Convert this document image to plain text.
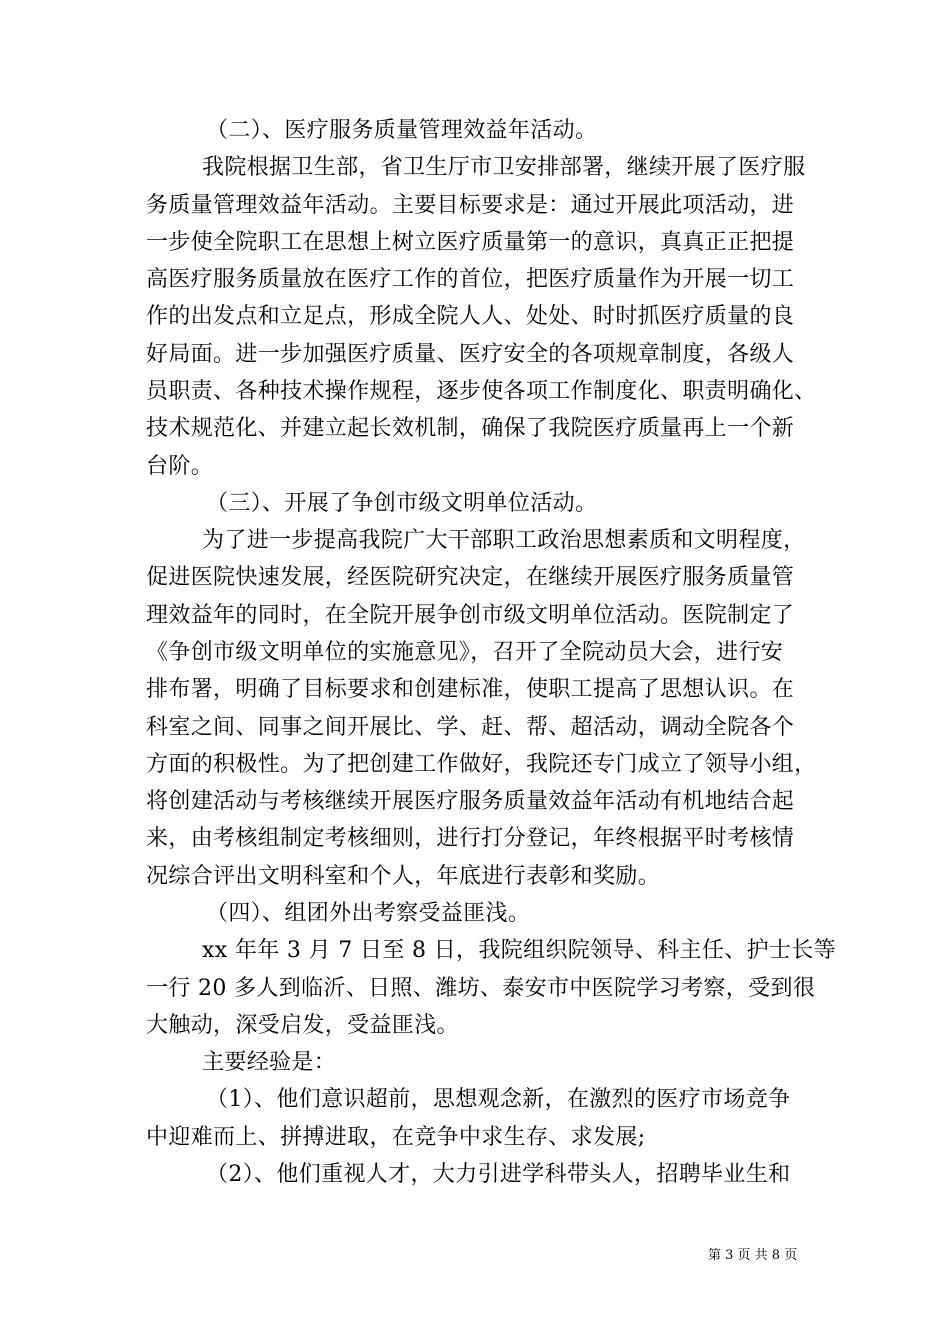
（二）、医疗服务质量管理效益年活动。
我院根据卫生部，省卫生厅市卫安排部署，继续开展了医疗服
务质量管理效益年活动。主要目标要求是：通过开展此项活动，进
一步使全院职工在思想上树立医疗质量第一的意识，真真正正把提
高医疗服务质量放在医疗工作的首位，把医疗质量作为开展一切工
作的出发点和立足点，形成全院人人、处处、时时抓医疗质量的良
好局面。进一步加强医疗质量、医疗安全的各项规章制度，各级人
员职责、各种技术操作规程，逐步使各项工作制度化、职责明确化、
技术规范化、并建立起长效机制，确保了我院医疗质量再上一个新
台阶。
（三）、开展了争创市级文明单位活动。
为了进一步提高我院广大干部职工政治思想素质和文明程度，
促进医院快速发展，经医院研究决定，在继续开展医疗服务质量管
理效益年的同时，在全院开展争创市级文明单位活动。医院制定了
《争创市级文明单位的实施意见》，召开了全院动员大会，进行安
排布署，明确了目标要求和创建标准，使职工提高了思想认识。在
科室之间、同事之间开展比、学、赶、帮、超活动，调动全院各个
方面的积极性。为了把创建工作做好，我院还专门成立了领导小组，
将创建活动与考核继续开展医疗服务质量效益年活动有机地结合起
来，由考核组制定考核细则，进行打分登记，年终根据平时考核情
况综合评出文明科室和个人，年底进行表彰和奖励。
（四）、组团外出考察受益匪浅。
xx 年年 3 月 7 日至 8 日，我院组织院领导、科主任、护士长等
一行 20 多人到临沂、日照、潍坊、泰安市中医院学习考察，受到很
大触动，深受启发，受益匪浅。
主要经验是：
（1）、他们意识超前，思想观念新，在激烈的医疗市场竞争
中迎难而上、拼搏进取，在竞争中求生存、求发展;
（2）、他们重视人才，大力引进学科带头人，招聘毕业生和
第 3 页 共 8 页
